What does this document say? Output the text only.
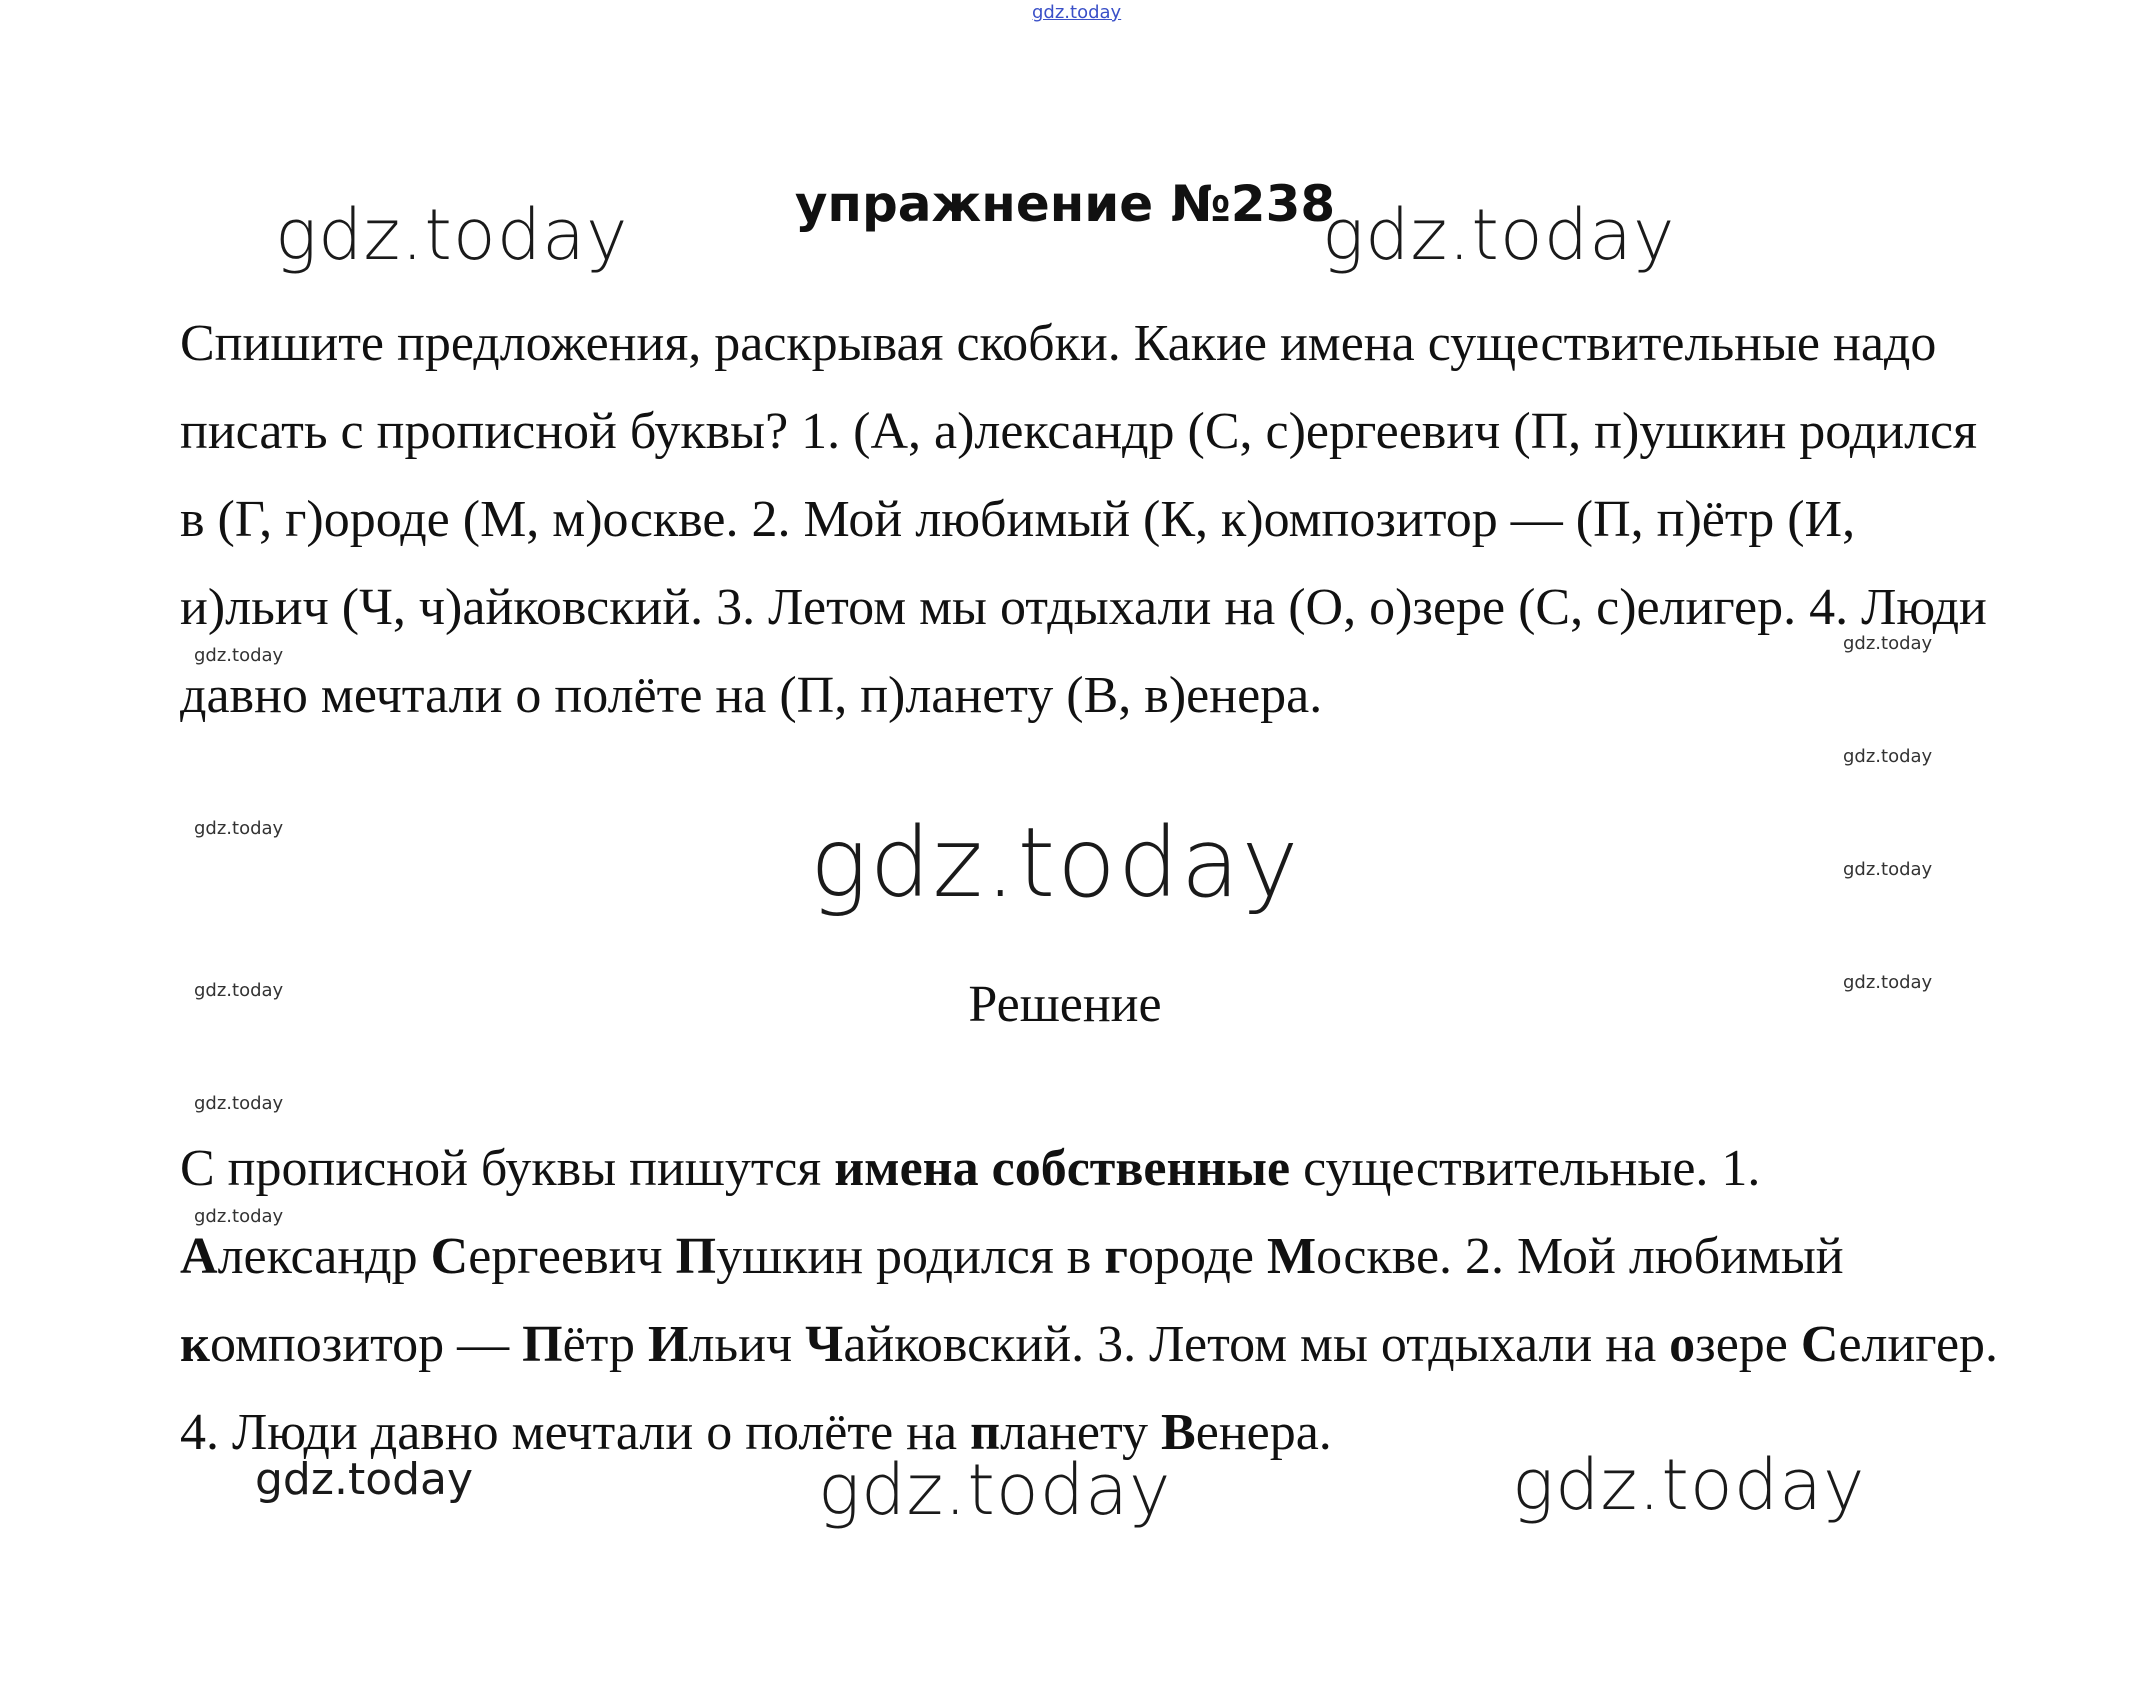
gdz.today
gdz.today	gdz.today
gdz.today
gdz.today	gdz.today
gdz.today
gdz.today
gdz.today
gdz.today
gdz.today
gdz.today
gdz.today
gdz.today
gdz.today
gdz.today
упражнение №238

Спишите предложения, раскрывая скобки. Какие имена существительные надо писать с прописной буквы? 1. (А, а)лександр (С, с)ергеевич (П, п)ушкин родился в (Г, г)ороде (М, м)оскве. 2. Мой любимый (К, к)омпозитор — (П, п)ётр (И, и)льич (Ч, ч)айковский. 3. Летом мы отдыхали на (О, о)зере (С, с)елигер. 4. Люди давно мечтали о полёте на (П, п)ланету (В, в)енера.

Решение

С прописной буквы пишутся имена собственные существительные. 1. Александр Сергеевич Пушкин родился в городе Москве. 2. Мой любимый композитор — Пётр Ильич Чайковский. 3. Летом мы отдыхали на озере Селигер. 4. Люди давно мечтали о полёте на планету Венера.
